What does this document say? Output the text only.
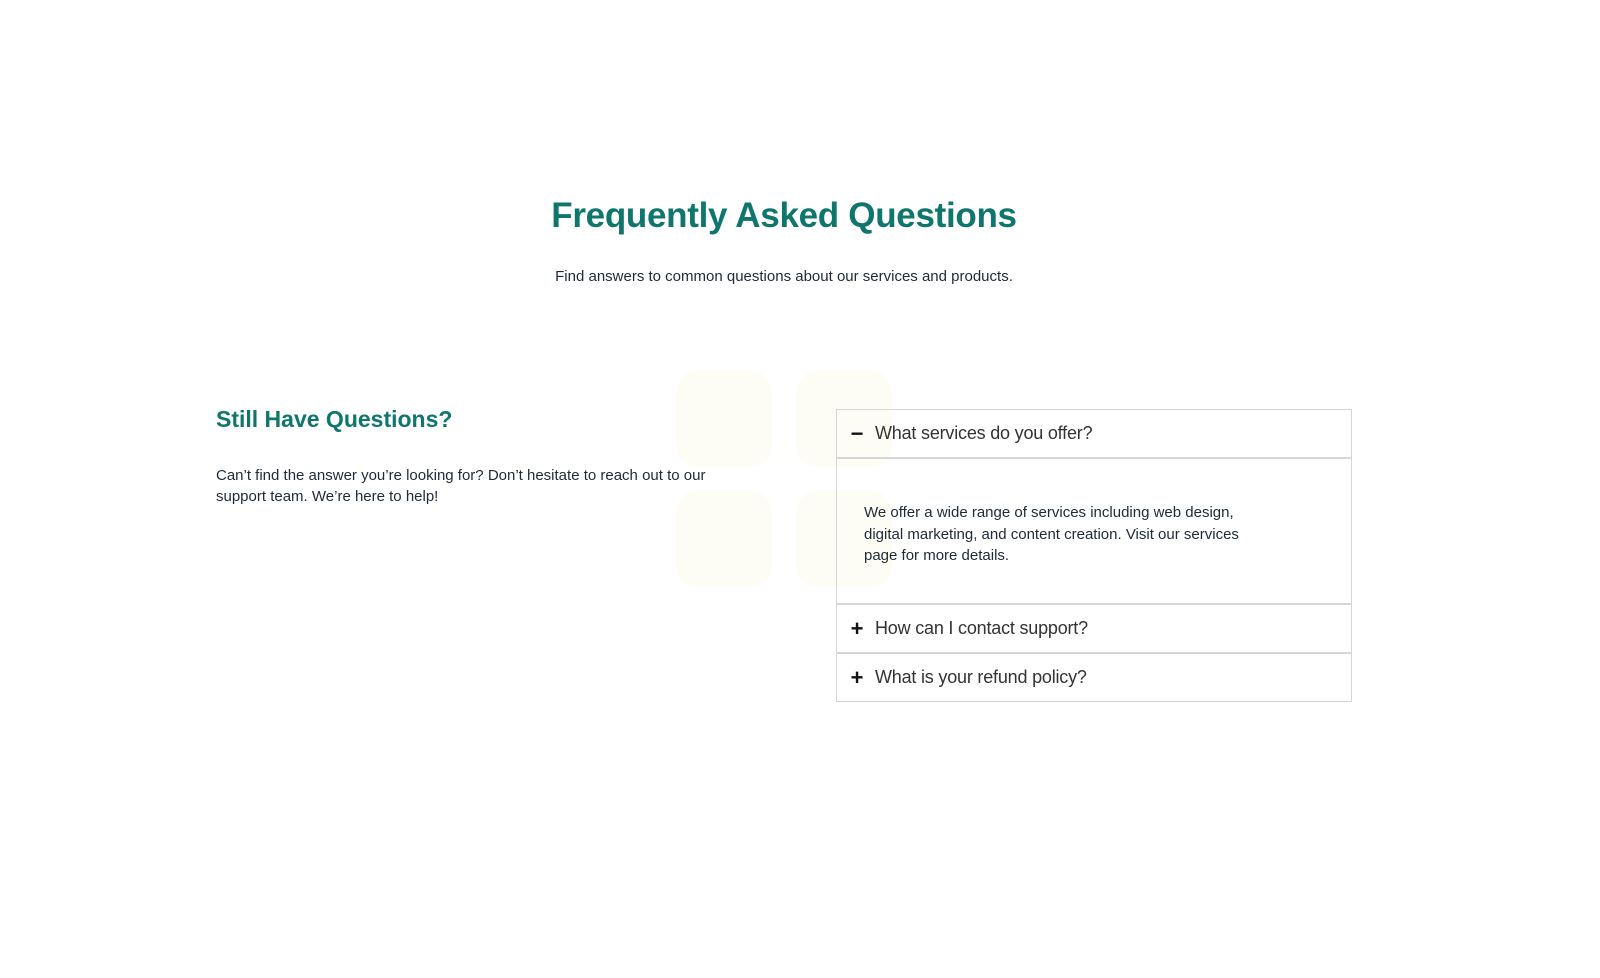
Frequently Asked Questions

Find answers to common questions about our services and products.

Still Have Questions?

Can’t find the answer you’re looking for? Don’t hesitate to reach out to our support team. We’re here to help!

− What services do you offer?
We offer a wide range of services including web design, digital marketing, and content creation. Visit our services page for more details.
+ How can I contact support?
+ What is your refund policy?
